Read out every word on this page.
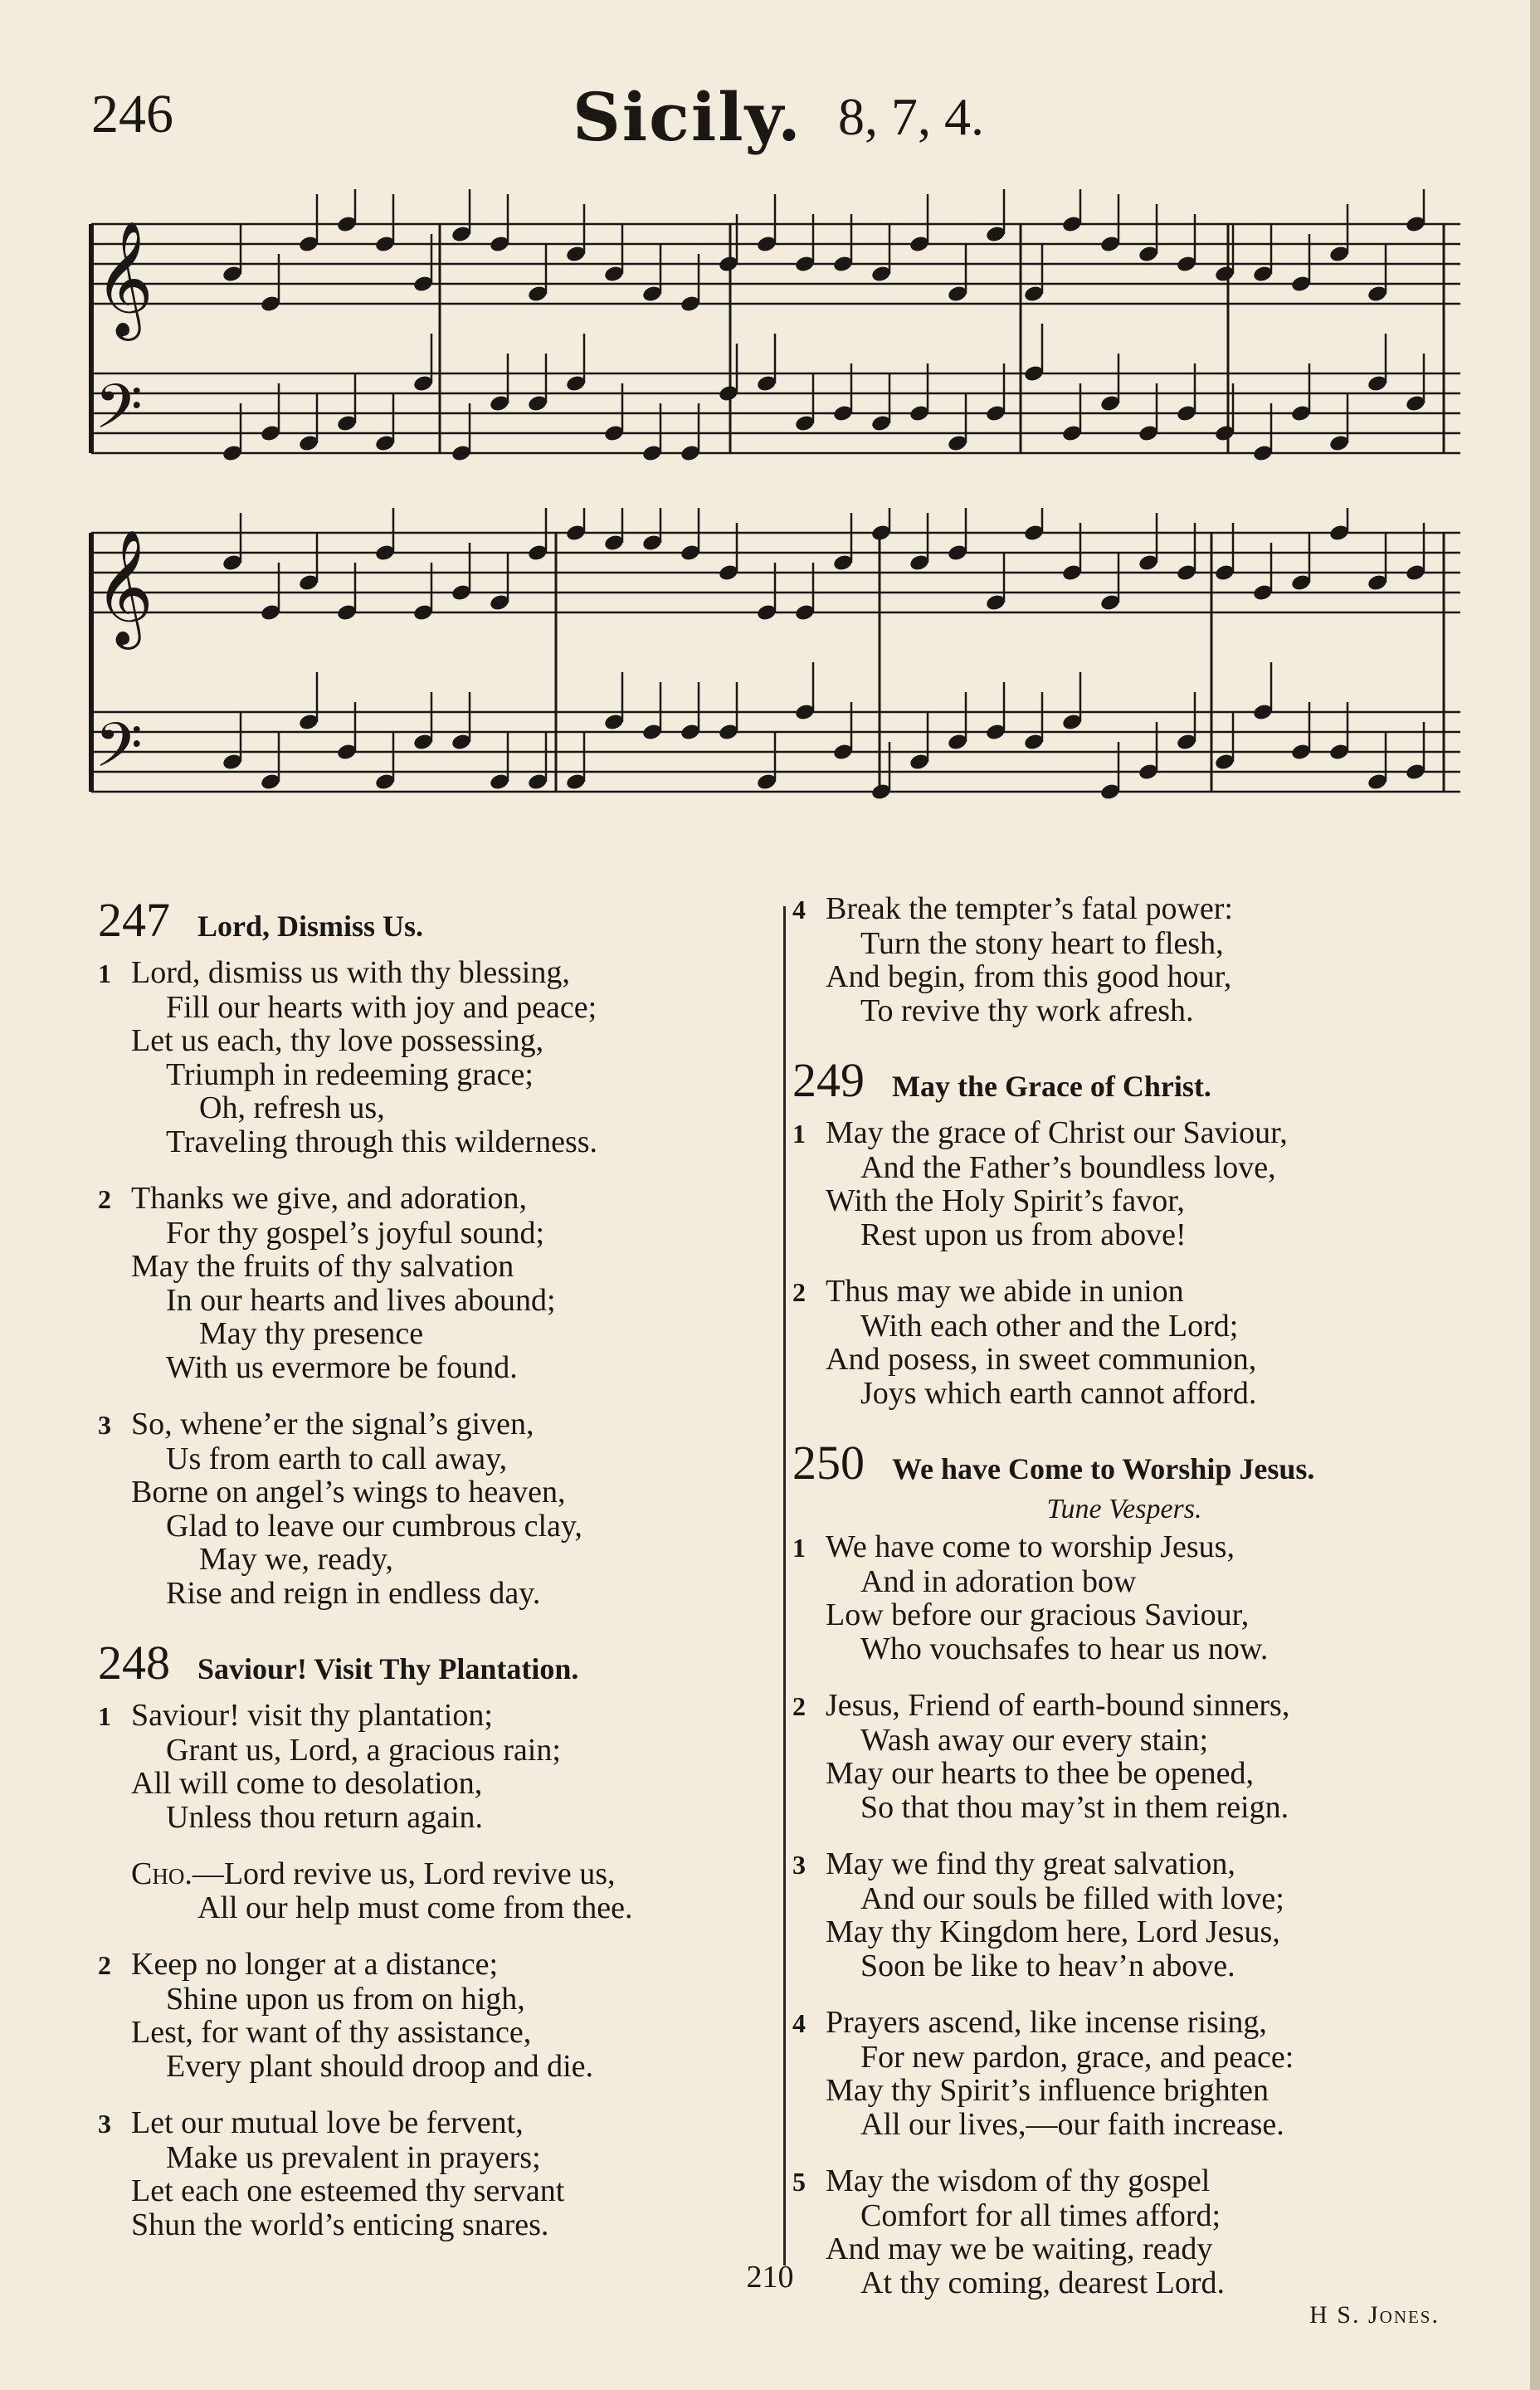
246	Sicily. 8, 7, 4.
𝄞
𝄢
𝄞
𝄢
247 Lord, Dismiss Us.
1 Lord, dismiss us with thy blessing,
Fill our hearts with joy and peace;
Let us each, thy love possessing,
Triumph in redeeming grace;
Oh, refresh us,
Traveling through this wilderness.
2 Thanks we give, and adoration,
For thy gospel’s joyful sound;
May the fruits of thy salvation
In our hearts and lives abound;
May thy presence
With us evermore be found.
3 So, whene’er the signal’s given,
Us from earth to call away,
Borne on angel’s wings to heaven,
Glad to leave our cumbrous clay,
May we, ready,
Rise and reign in endless day.
248 Saviour! Visit Thy Plantation.
1 Saviour! visit thy plantation;
Grant us, Lord, a gracious rain;
All will come to desolation,
Unless thou return again.
Cho.—Lord revive us, Lord revive us,
All our help must come from thee.
2 Keep no longer at a distance;
Shine upon us from on high,
Lest, for want of thy assistance,
Every plant should droop and die.
3 Let our mutual love be fervent,
Make us prevalent in prayers;
Let each one esteemed thy servant
Shun the world’s enticing snares.
4 Break the tempter’s fatal power:
Turn the stony heart to flesh,
And begin, from this good hour,
To revive thy work afresh.
249 May the Grace of Christ.
1 May the grace of Christ our Saviour,
And the Father’s boundless love,
With the Holy Spirit’s favor,
Rest upon us from above!
2 Thus may we abide in union
With each other and the Lord;
And posess, in sweet communion,
Joys which earth cannot afford.
250 We have Come to Worship Jesus.
Tune Vespers.
1 We have come to worship Jesus,
And in adoration bow
Low before our gracious Saviour,
Who vouchsafes to hear us now.
2 Jesus, Friend of earth-bound sinners,
Wash away our every stain;
May our hearts to thee be opened,
So that thou may’st in them reign.
3 May we find thy great salvation,
And our souls be filled with love;
May thy Kingdom here, Lord Jesus,
Soon be like to heav’n above.
4 Prayers ascend, like incense rising,
For new pardon, grace, and peace:
May thy Spirit’s influence brighten
All our lives,—our faith increase.
5 May the wisdom of thy gospel
Comfort for all times afford;
And may we be waiting, ready
At thy coming, dearest Lord.
H S. Jones.
210
